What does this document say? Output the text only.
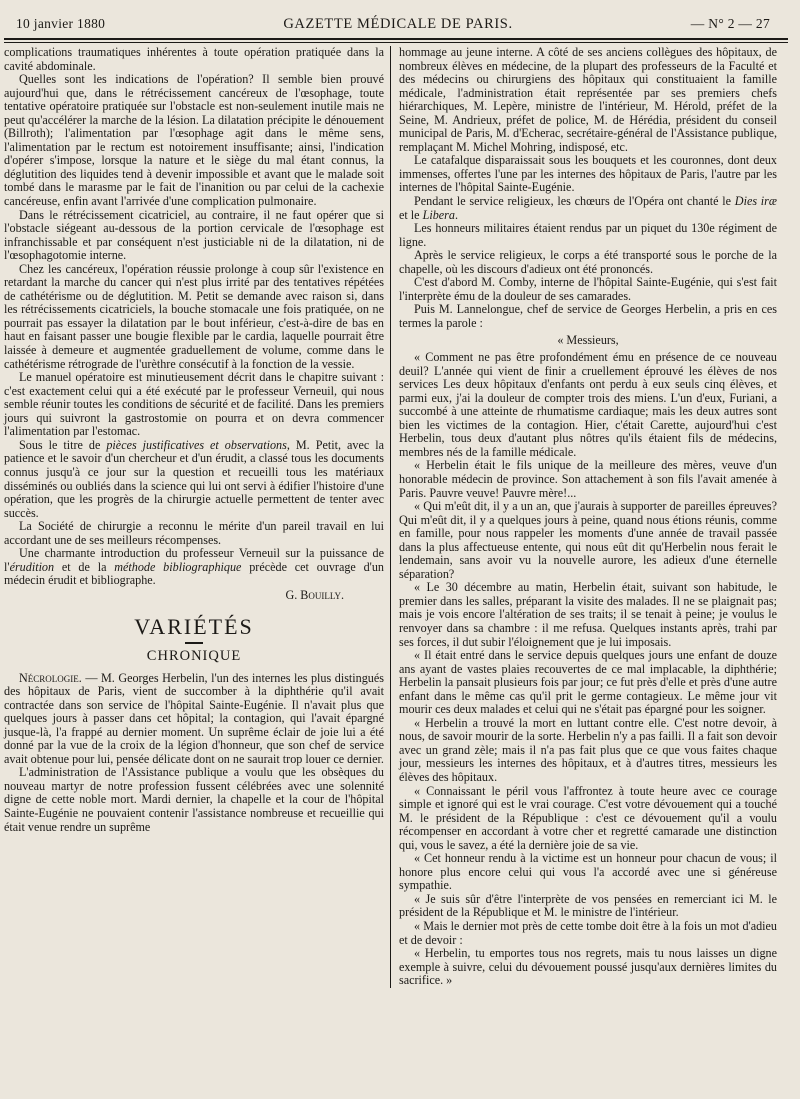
10 janvier 1880	GAZETTE MÉDICALE DE PARIS.	— N° 2 — 27

complications traumatiques inhérentes à toute opération pratiquée dans la cavité abdominale.

Quelles sont les indications de l'opération? Il semble bien prouvé aujourd'hui que, dans le rétrécissement cancéreux de l'œsophage, toute tentative opératoire pratiquée sur l'obstacle est non-seulement inutile mais ne peut qu'accélérer la marche de la lésion. La dilatation précipite le dénouement (Billroth); l'alimentation par l'œsophage agit dans le même sens, l'alimentation par le rectum est notoirement insuffisante; ainsi, l'indication d'opérer s'impose, lorsque la nature et le siège du mal étant connus, la déglutition des liquides tend à devenir impossible et avant que le malade soit tombé dans le marasme par le fait de l'inanition ou par celui de la cachexie cancéreuse, enfin avant l'arrivée d'une complication pulmonaire.

Dans le rétrécissement cicatriciel, au contraire, il ne faut opérer que si l'obstacle siégeant au-dessous de la portion cervicale de l'œsophage est infranchissable et par conséquent n'est justiciable ni de la dilatation, ni de l'œsophagotomie interne.

Chez les cancéreux, l'opération réussie prolonge à coup sûr l'existence en retardant la marche du cancer qui n'est plus irrité par des tentatives répétées de cathétérisme ou de déglutition. M. Petit se demande avec raison si, dans les rétrécissements cicatriciels, la bouche stomacale une fois pratiquée, on ne pourrait pas essayer la dilatation par le bout inférieur, c'est-à-dire de bas en haut en faisant passer une bougie flexible par le cardia, laquelle pourrait être laissée à demeure et augmentée graduellement de volume, comme dans le cathétérisme rétrograde de l'urèthre consécutif à la fonction de la vessie.

Le manuel opératoire est minutieusement décrit dans le chapitre suivant : c'est exactement celui qui a été exécuté par le professeur Verneuil, qui nous semble réunir toutes les conditions de sécurité et de facilité. Dans les premiers jours qui suivront la gastrostomie on pourra et on devra commencer l'alimentation par l'estomac.

Sous le titre de pièces justificatives et observations, M. Petit, avec la patience et le savoir d'un chercheur et d'un érudit, a classé tous les documents connus jusqu'à ce jour sur la question et recueilli tous les matériaux disséminés ou oubliés dans la science qui lui ont servi à édifier l'histoire d'une opération, que les progrès de la chirurgie actuelle permettent de tenter avec succès.

La Société de chirurgie a reconnu le mérite d'un pareil travail en lui accordant une de ses meilleurs récompenses.

Une charmante introduction du professeur Verneuil sur la puissance de l'érudition et de la méthode bibliographique précède cet ouvrage d'un médecin érudit et bibliographe.

G. Bouilly.

VARIÉTÉS
CHRONIQUE

Nécrologie. — M. Georges Herbelin, l'un des internes les plus distingués des hôpitaux de Paris, vient de succomber à la diphthérie qu'il avait contractée dans son service de l'hôpital Sainte-Eugénie. Il n'avait plus que quelques jours à passer dans cet hôpital; la contagion, qui l'avait épargné jusque-là, l'a frappé au dernier moment. Un suprême éclair de joie lui a été donné par la vue de la croix de la légion d'honneur, que son chef de service avait obtenue pour lui, pensée délicate dont on ne saurait trop louer ce dernier.

L'administration de l'Assistance publique a voulu que les obsèques du nouveau martyr de notre profession fussent célébrées avec une solennité digne de cette noble mort. Mardi dernier, la chapelle et la cour de l'hôpital Sainte-Eugénie ne pouvaient contenir l'assistance nombreuse et recueillie qui était venue rendre un suprême

hommage au jeune interne. A côté de ses anciens collègues des hôpitaux, de nombreux élèves en médecine, de la plupart des professeurs de la Faculté et des médecins ou chirurgiens des hôpitaux qui constituaient la famille médicale, l'administration était représentée par ses premiers chefs hiérarchiques, M. Lepère, ministre de l'intérieur, M. Hérold, préfet de la Seine, M. Andrieux, préfet de police, M. de Hérédia, président du conseil municipal de Paris, M. d'Echerac, secrétaire-général de l'Assistance publique, remplaçant M. Michel Mohring, indisposé, etc.

Le catafalque disparaissait sous les bouquets et les couronnes, dont deux immenses, offertes l'une par les internes des hôpitaux de Paris, l'autre par les internes de l'hôpital Sainte-Eugénie.

Pendant le service religieux, les chœurs de l'Opéra ont chanté le Dies iræ et le Libera.

Les honneurs militaires étaient rendus par un piquet du 130e régiment de ligne.

Après le service religieux, le corps a été transporté sous le porche de la chapelle, où les discours d'adieux ont été prononcés.

C'est d'abord M. Comby, interne de l'hôpital Sainte-Eugénie, qui s'est fait l'interprète ému de la douleur de ses camarades.

Puis M. Lannelongue, chef de service de Georges Herbelin, a pris en ces termes la parole :

« Messieurs,

« Comment ne pas être profondément ému en présence de ce nouveau deuil? L'année qui vient de finir a cruellement éprouvé les élèves de nos services Les deux hôpitaux d'enfants ont perdu à eux seuls cinq élèves, et parmi eux, j'ai la douleur de compter trois des miens. L'un d'eux, Furiani, a succombé à une atteinte de rhumatisme cardiaque; mais les deux autres sont bien les victimes de la contagion. Hier, c'était Carette, aujourd'hui c'est Herbelin, tous deux d'autant plus nôtres qu'ils étaient fils de médecins, membres nés de la famille médicale.

« Herbelin était le fils unique de la meilleure des mères, veuve d'un honorable médecin de province. Son attachement à son fils l'avait amenée à Paris. Pauvre veuve! Pauvre mère!...

« Qui m'eût dit, il y a un an, que j'aurais à supporter de pareilles épreuves? Qui m'eût dit, il y a quelques jours à peine, quand nous étions réunis, comme en famille, pour nous rappeler les moments d'une année de travail passée dans la plus affectueuse entente, qui nous eût dit qu'Herbelin nous ferait le lendemain, sans avoir vu la nouvelle aurore, les adieux d'une éternelle séparation?

« Le 30 décembre au matin, Herbelin était, suivant son habitude, le premier dans les salles, préparant la visite des malades. Il ne se plaignait pas; mais je vois encore l'altération de ses traits; il se tenait à peine; je voulus le renvoyer dans sa chambre : il me refusa. Quelques instants après, trahi par ses forces, il dut subir l'éloignement que je lui imposais.

« Il était entré dans le service depuis quelques jours une enfant de douze ans ayant de vastes plaies recouvertes de ce mal implacable, la diphthérie; Herbelin la pansait plusieurs fois par jour; ce fut près d'elle et près d'une autre enfant dans le même cas qu'il prit le germe contagieux. Le même jour vit mourir ces deux malades et celui qui ne s'était pas épargné pour les soigner.

« Herbelin a trouvé la mort en luttant contre elle. C'est notre devoir, à nous, de savoir mourir de la sorte. Herbelin n'y a pas failli. Il a fait son devoir avec un grand zèle; mais il n'a pas fait plus que ce que vous faites chaque jour, messieurs les internes des hôpitaux, et à d'autres titres, messieurs les élèves des hôpitaux.

« Connaissant le péril vous l'affrontez à toute heure avec ce courage simple et ignoré qui est le vrai courage. C'est votre dévouement qui a touché M. le président de la République : c'est ce dévouement qu'il a voulu récompenser en accordant à votre cher et regretté camarade une distinction qui, vous le savez, a été la dernière joie de sa vie.

« Cet honneur rendu à la victime est un honneur pour chacun de vous; il honore plus encore celui qui vous l'a accordé avec une si généreuse sympathie.

« Je suis sûr d'être l'interprète de vos pensées en remerciant ici M. le président de la République et M. le ministre de l'intérieur.

« Mais le dernier mot près de cette tombe doit être à la fois un mot d'adieu et de devoir :

« Herbelin, tu emportes tous nos regrets, mais tu nous laisses un digne exemple à suivre, celui du dévouement poussé jusqu'aux dernières limites du sacrifice. »
